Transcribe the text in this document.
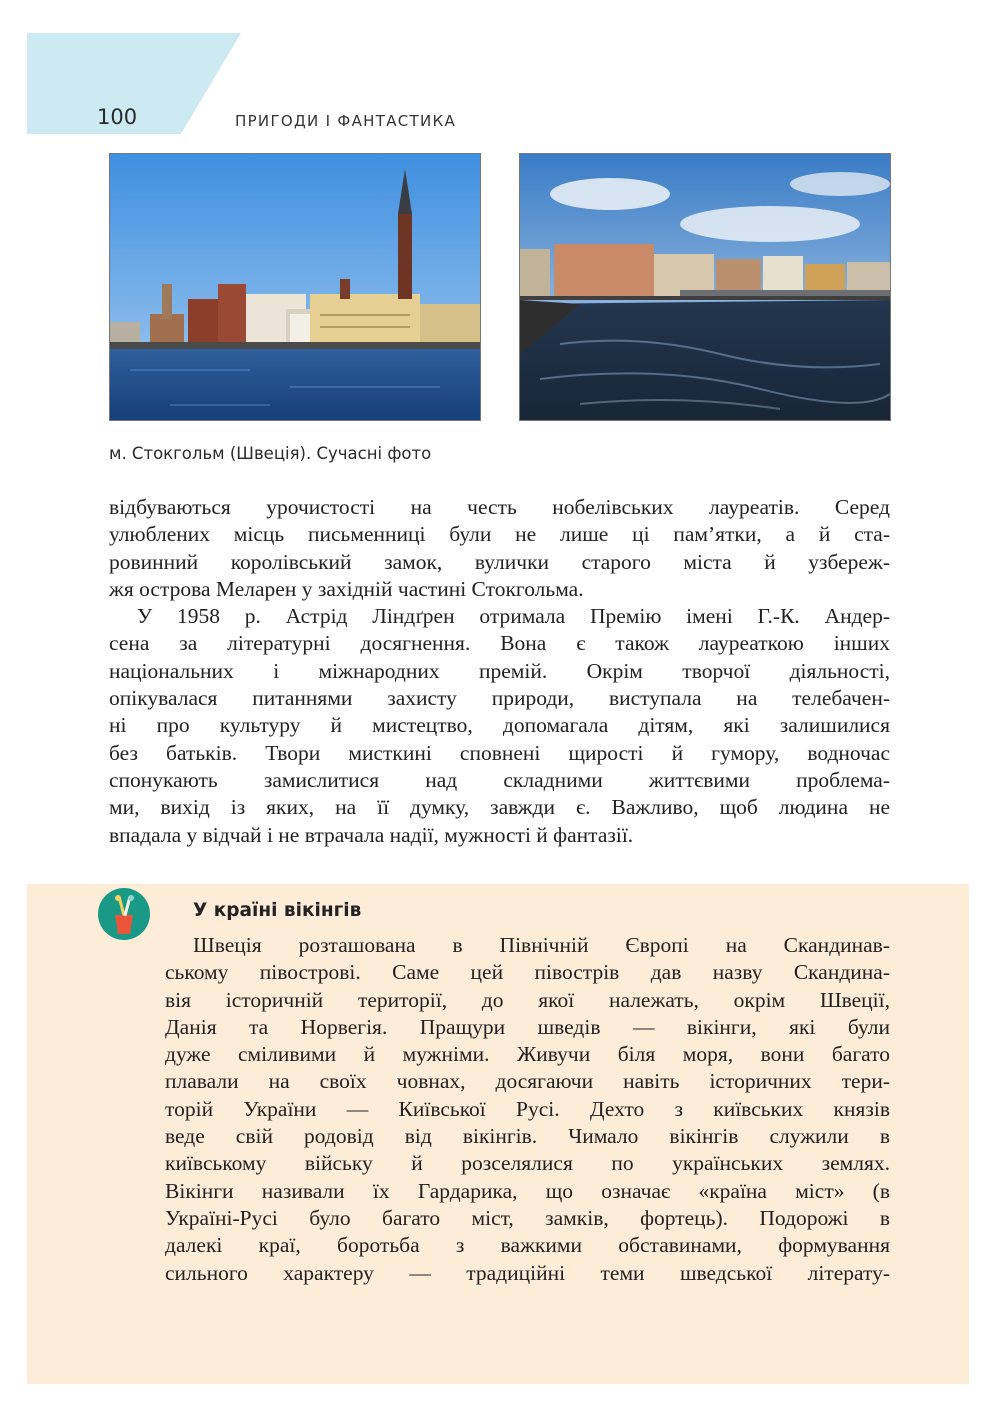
100	ПРИГОДИ І ФАНТАСТИКА
м. Стокгольм (Швеція). Сучасні фото
відбуваються урочистості на честь нобелівських лауреатів. Серед
улюблених місць письменниці були не лише ці пам’ятки, а й ста-
ровинний королівський замок, вулички старого міста й узбереж-
жя острова Меларен у західній частині Стокгольма.
У 1958 р. Астрід Ліндґрен отримала Премію імені Г.-К. Андер-
сена за літературні досягнення. Вона є також лауреаткою інших
національних і міжнародних премій. Окрім творчої діяльності,
опікувалася питаннями захисту природи, виступала на телебачен-
ні про культуру й мистецтво, допомагала дітям, які залишилися
без батьків. Твори мисткині сповнені щирості й гумору, водночас
спонукають замислитися над складними життєвими проблема-
ми, вихід із яких, на її думку, завжди є. Важливо, щоб людина не
впадала у відчай і не втрачала надії, мужності й фантазії.
У країні вікінгів
Швеція розташована в Північній Європі на Скандинав-
ському півострові. Саме цей півострів дав назву Скандина-
вія історичній території, до якої належать, окрім Швеції,
Данія та Норвегія. Пращури шведів — вікінги, які були
дуже сміливими й мужніми. Живучи біля моря, вони багато
плавали на своїх човнах, досягаючи навіть історичних тери-
торій України — Київської Русі. Дехто з київських князів
веде свій родовід від вікінгів. Чимало вікінгів служили в
київському війську й розселялися по українських землях.
Вікінги називали їх Гардарика, що означає «країна міст» (в
Україні-Русі було багато міст, замків, фортець). Подорожі в
далекі краї, боротьба з важкими обставинами, формування
сильного характеру — традиційні теми шведської літерату-
